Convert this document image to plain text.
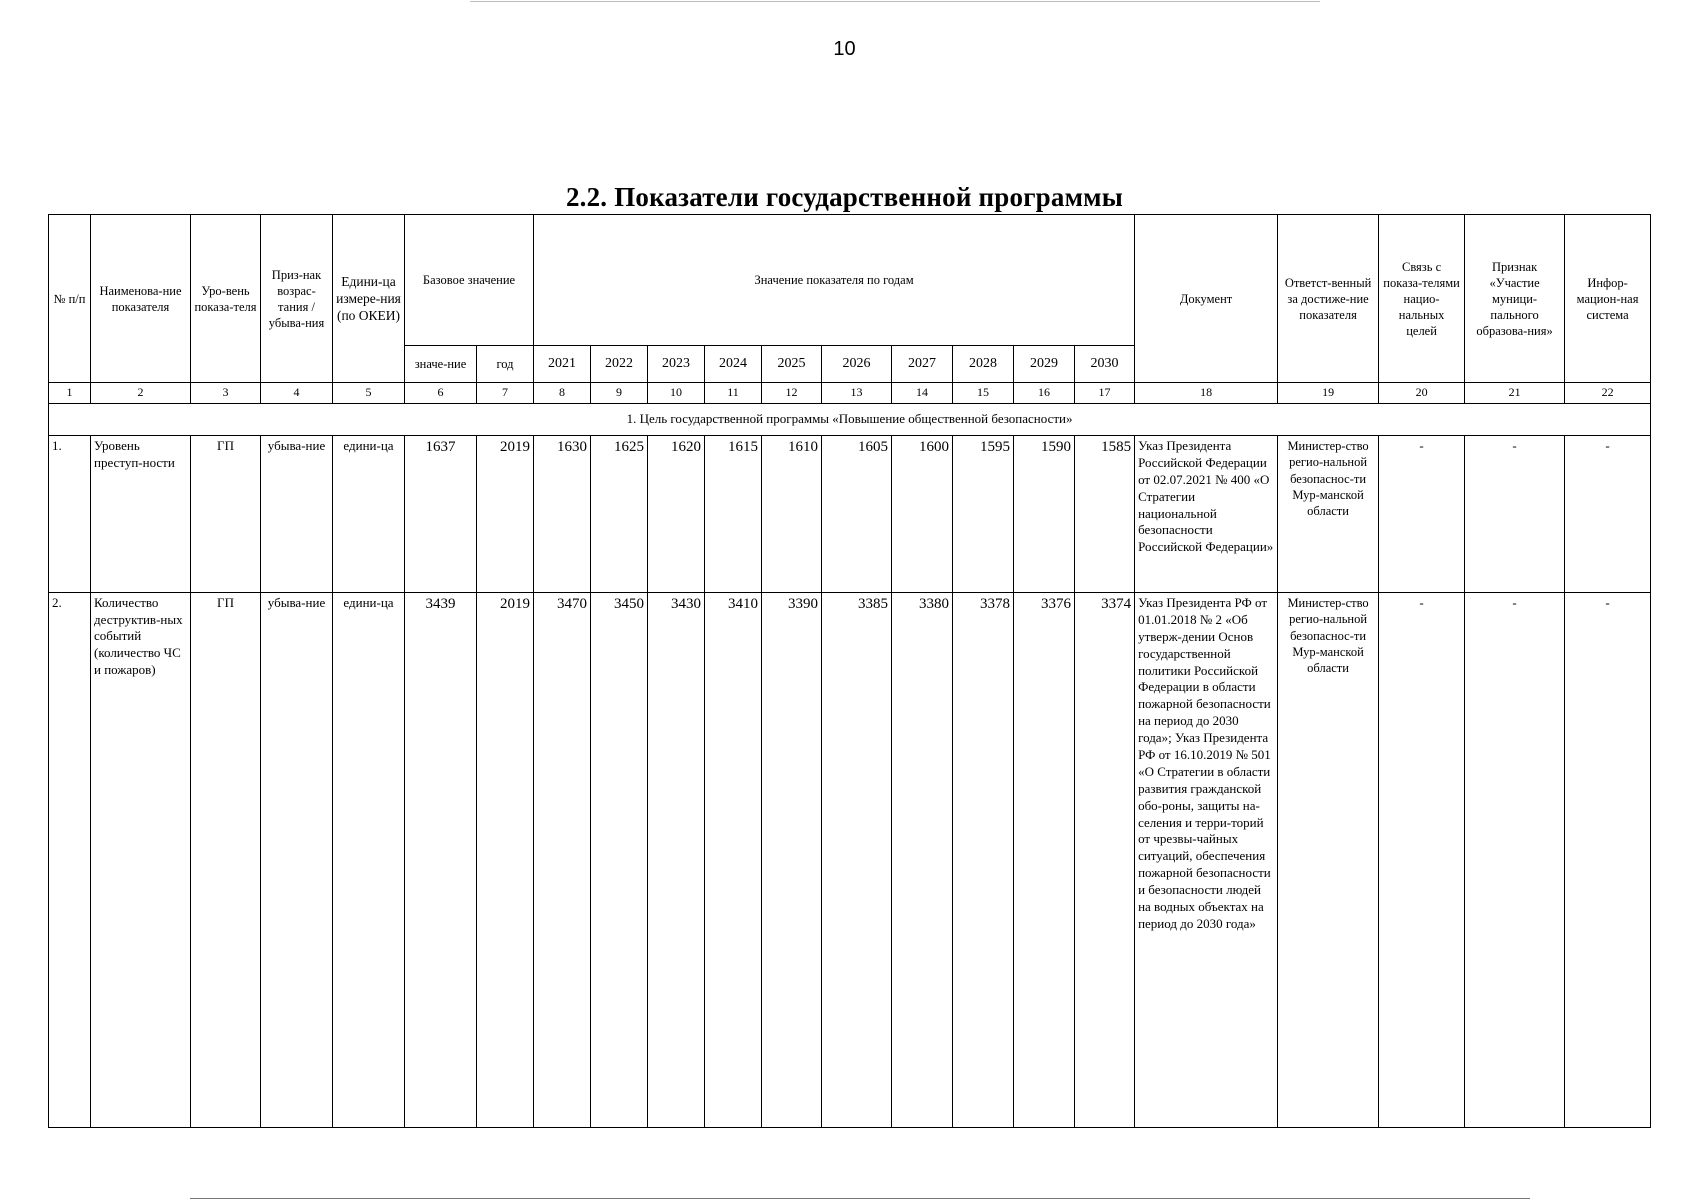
10
2.2. Показатели государственной программы
№ п/п	Наименова-ние показателя	Уро-вень показа-теля	Приз-нак возрас-тания / убыва-ния	Едини-ца измере-ния (по ОКЕИ)	Базовое значение		Значение показателя по годам										Документ	Ответст-венный за достиже-ние показателя	Связь с показа-телями нацио-нальных целей	Признак «Участие муници-пального образова-ния»	Инфор-мацион-ная система
					значе-ние	год	2021	2022	2023	2024	2025	2026	2027	2028	2029	2030					
1	2	3	4	5	6	7	8	9	10	11	12	13	14	15	16	17	18	19	20	21	22
1. Цель государственной программы «Повышение общественной безопасности»																					
1.	Уровень преступ-ности	ГП	убыва-ние	едини-ца	1637	2019	1630	1625	1620	1615	1610	1605	1600	1595	1590	1585	Указ Президента Российской Федерации от 02.07.2021 № 400 «О Стратегии национальной безопасности Российской Федерации»	Министер-ство регио-нальной безопаснос-ти Мур-манской области	-	-	-
2.	Количество деструктив-ных событий (количество ЧС и пожаров)	ГП	убыва-ние	едини-ца	3439	2019	3470	3450	3430	3410	3390	3385	3380	3378	3376	3374	Указ Президента РФ от 01.01.2018 № 2 «Об утверж-дении Основ государственной политики Российской Федерации в области пожарной безопасности на период до 2030 года»; Указ Президента РФ от 16.10.2019 № 501 «О Стратегии в области развития гражданской обо-роны, защиты на-селения и терри-торий от чрезвы-чайных ситуаций, обеспечения пожарной безопасности и безопасности людей на водных объектах на период до 2030 года»	Министер-ство регио-нальной безопаснос-ти Мур-манской области	-	-	-
